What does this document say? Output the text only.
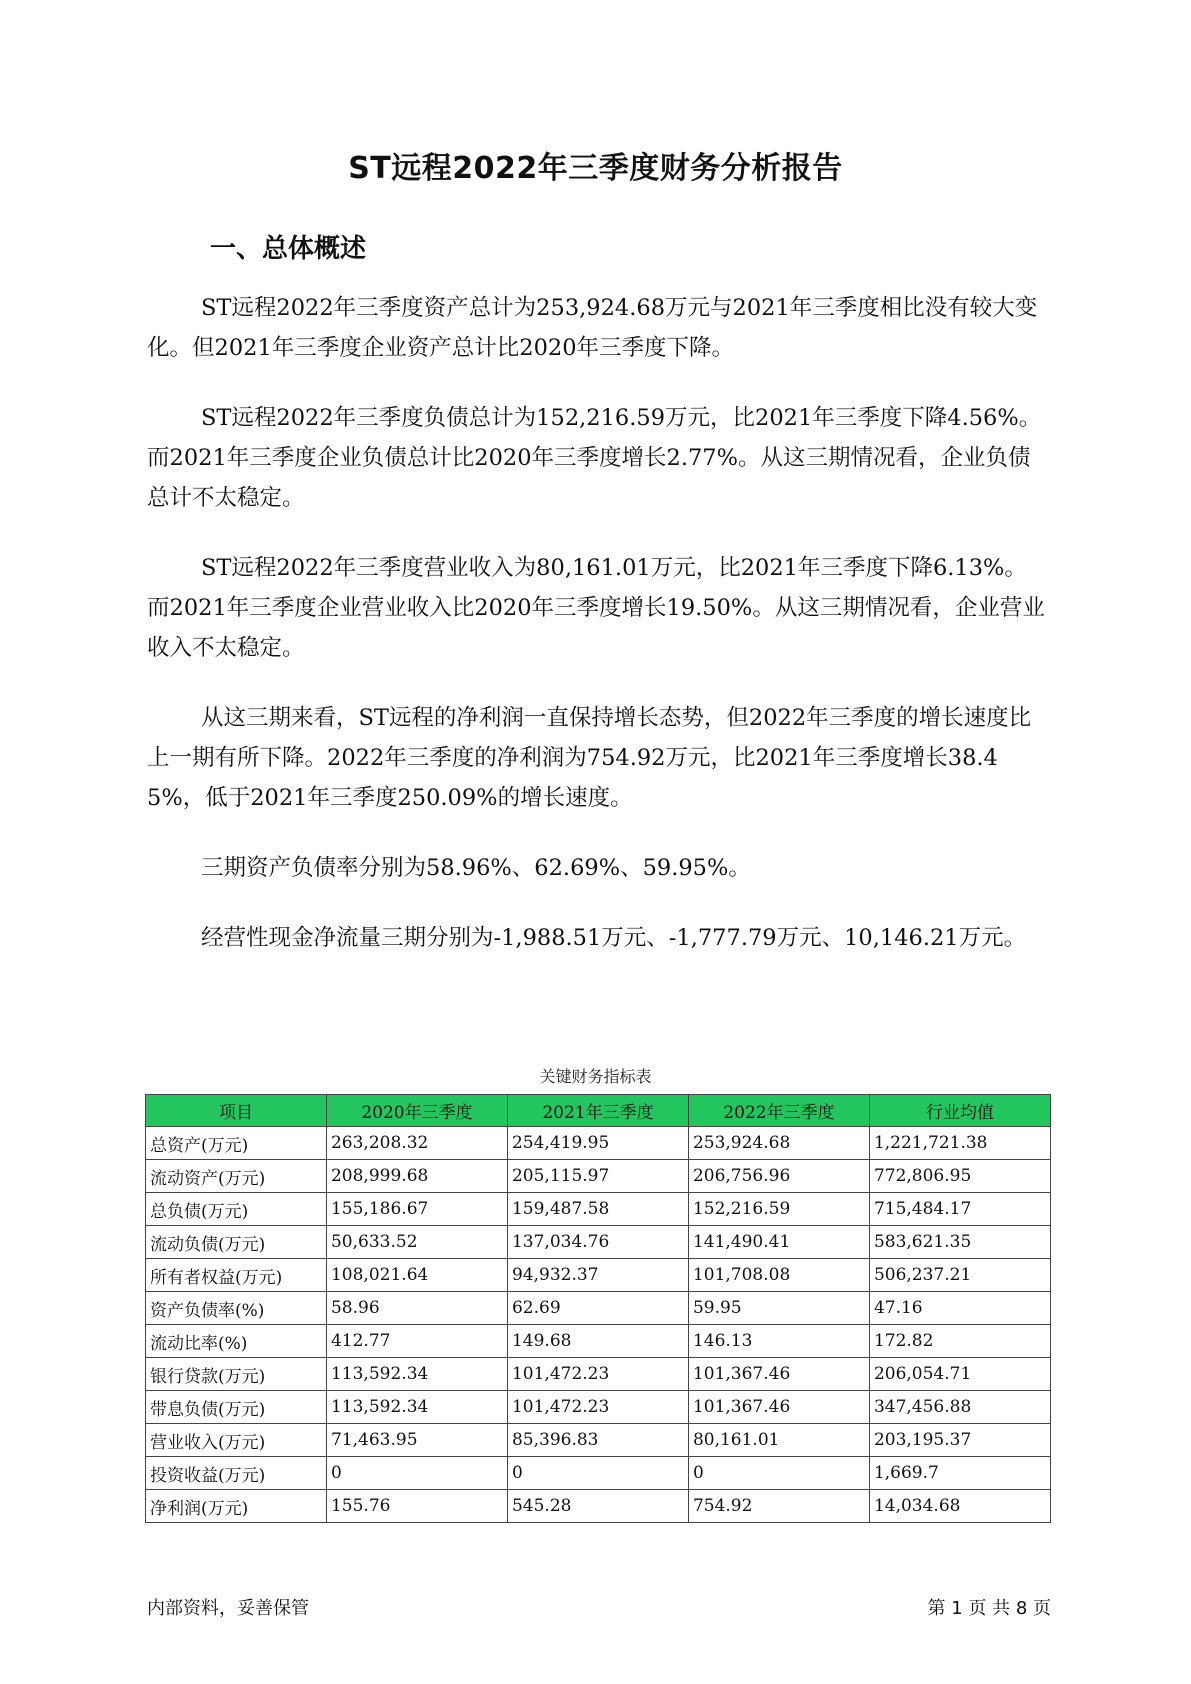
ST远程2022年三季度财务分析报告
一、总体概述

ST远程2022年三季度资产总计为253,924.68万元与2021年三季度相比没有较大变化。但2021年三季度企业资产总计比2020年三季度下降。

ST远程2022年三季度负债总计为152,216.59万元，比2021年三季度下降4.56%。而2021年三季度企业负债总计比2020年三季度增长2.77%。从这三期情况看，企业负债总计不太稳定。

ST远程2022年三季度营业收入为80,161.01万元，比2021年三季度下降6.13%。而2021年三季度企业营业收入比2020年三季度增长19.50%。从这三期情况看，企业营业收入不太稳定。

从这三期来看，ST远程的净利润一直保持增长态势，但2022年三季度的增长速度比上一期有所下降。2022年三季度的净利润为754.92万元，比2021年三季度增长38.45%，低于2021年三季度250.09%的增长速度。

三期资产负债率分别为58.96%、62.69%、59.95%。

经营性现金净流量三期分别为-1,988.51万元、-1,777.79万元、10,146.21万元。

关键财务指标表
项目	2020年三季度	2021年三季度	2022年三季度	行业均值
总资产(万元)	263,208.32	254,419.95	253,924.68	1,221,721.38
流动资产(万元)	208,999.68	205,115.97	206,756.96	772,806.95
总负债(万元)	155,186.67	159,487.58	152,216.59	715,484.17
流动负债(万元)	50,633.52	137,034.76	141,490.41	583,621.35
所有者权益(万元)	108,021.64	94,932.37	101,708.08	506,237.21
资产负债率(%)	58.96	62.69	59.95	47.16
流动比率(%)	412.77	149.68	146.13	172.82
银行贷款(万元)	113,592.34	101,472.23	101,367.46	206,054.71
带息负债(万元)	113,592.34	101,472.23	101,367.46	347,456.88
营业收入(万元)	71,463.95	85,396.83	80,161.01	203,195.37
投资收益(万元)	0	0	0	1,669.7
净利润(万元)	155.76	545.28	754.92	14,034.68
内部资料，妥善保管	第 1 页 共 8 页
